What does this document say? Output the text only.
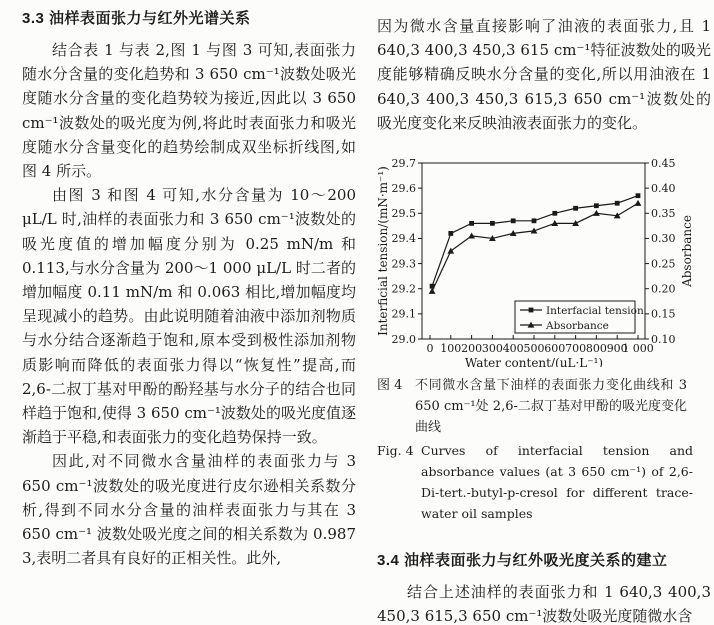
3.3 油样表面张力与红外光谱关系

结合表 1 与表 2,图 1 与图 3 可知,表面张力随水分含量的变化趋势和 3 650 cm⁻¹波数处吸光度随水分含量的变化趋势较为接近,因此以 3 650 cm⁻¹波数处的吸光度为例,将此时表面张力和吸光度随水分含量变化的趋势绘制成双坐标折线图,如图 4 所示。

由图 3 和图 4 可知,水分含量为 10～200 μL/L 时,油样的表面张力和 3 650 cm⁻¹波数处的吸光度值的增加幅度分别为 0.25 mN/m 和 0.113,与水分含量为 200～1 000 μL/L 时二者的增加幅度 0.11 mN/m 和 0.063 相比,增加幅度均呈现减小的趋势。由此说明随着油液中添加剂物质与水分结合逐渐趋于饱和,原本受到极性添加剂物质影响而降低的表面张力得以“恢复性”提高,而 2,6-二叔丁基对甲酚的酚羟基与水分子的结合也同样趋于饱和,使得 3 650 cm⁻¹波数处的吸光度值逐渐趋于平稳,和表面张力的变化趋势保持一致。

因此,对不同微水含量油样的表面张力与 3 650 cm⁻¹波数处的吸光度进行皮尔逊相关系数分析,得到不同水分含量的油样表面张力与其在 3 650 cm⁻¹ 波数处吸光度之间的相关系数为 0.987 3,表明二者具有良好的正相关性。此外,

因为微水含量直接影响了油液的表面张力,且 1 640,3 400,3 450,3 615 cm⁻¹特征波数处的吸光度能够精确反映水分含量的变化,所以用油液在 1 640,3 400,3 450,3 615,3 650 cm⁻¹波数处的吸光度变化来反映油液表面张力的变化。

0 100 200 300 400 500 600 700 800 900
1 000
29.0
29.1
29.2
29.3
29.4
29.5
29.6
29.7
0.10
0.15
0.20
0.25
0.30
0.35
0.40
0.45
Water content/(μL·L⁻¹)
Interficial tension/(mN·m⁻¹)	Absorbance
Interfacial tension
Absorbance
图 4 不同微水含量下油样的表面张力变化曲线和 3 650 cm⁻¹处 2,6-二叔丁基对甲酚的吸光度变化曲线
Fig. 4 Curves of interfacial tension and absorbance values (at 3 650 cm⁻¹) of 2,6-Di-tert.-butyl-p-cresol for different trace-water oil samples
3.4 油样表面张力与红外吸光度关系的建立

结合上述油样的表面张力和 1 640,3 400,3 450,3 615,3 650 cm⁻¹波数处吸光度随微水含
